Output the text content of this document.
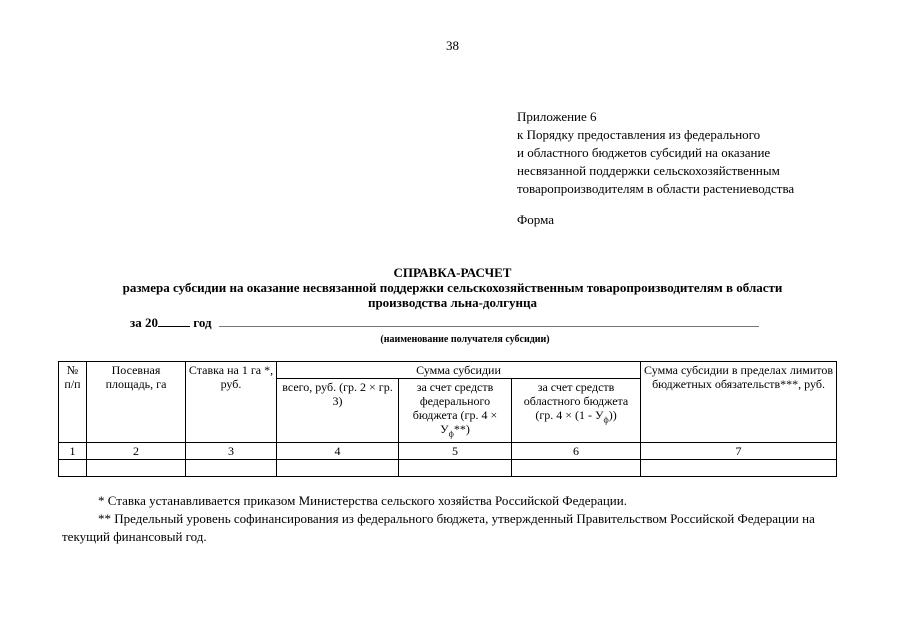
38
Приложение 6
к Порядку предоставления из федерального
и областного бюджетов субсидий на оказание
несвязанной поддержки сельскохозяйственным
товаропроизводителям в области растениеводства
Форма
СПРАВКА-РАСЧЕТ
размера субсидии на оказание несвязанной поддержки сельскохозяйственным товаропроизводителям в области
производства льна-долгунца
за 20	год
(наименование получателя субсидии)
№ п/п	Посевная площадь, га	Ставка на 1 га *, руб.	Сумма субсидии			Сумма субсидии в пределах лимитов бюджетных обязательств***, руб.
			всего, руб. (гр. 2 × гр. 3)	за счет средств федерального бюджета (гр. $4 \times У_ф**$)	за счет средств областного бюджета (гр. $4 \times (1 - У_ф)$)	
1	2	3	4	5	6	7

* Ставка устанавливается приказом Министерства сельского хозяйства Российской Федерации.

** Предельный уровень софинансирования из федерального бюджета, утвержденный Правительством Российской Федерации на текущий финансовый год.
